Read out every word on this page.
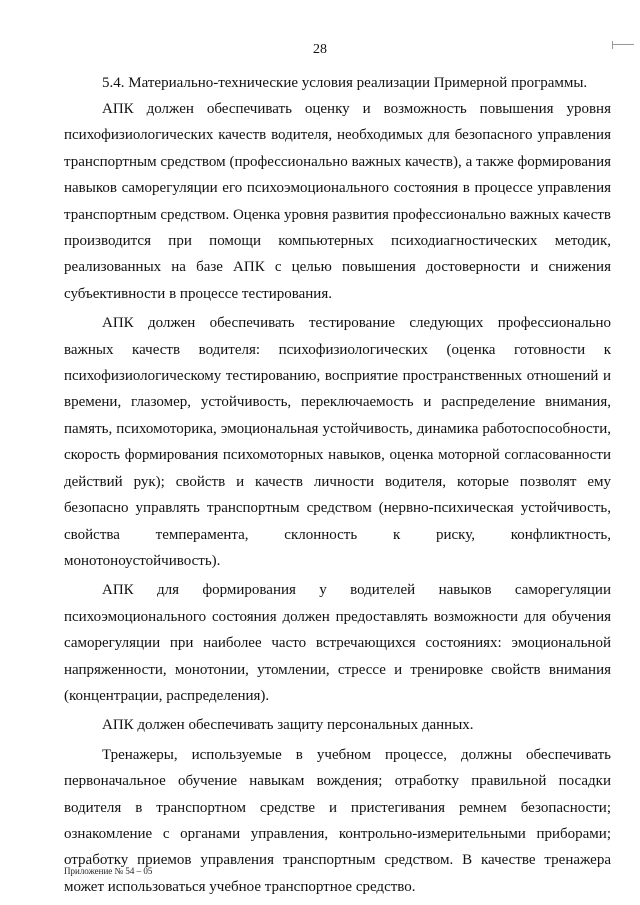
28

5.4. Материально-технические условия реализации Примерной программы.

АПК должен обеспечивать оценку и возможность повышения уровня психофизиологических качеств водителя, необходимых для безопасного управления транспортным средством (профессионально важных качеств), а также формирования навыков саморегуляции его психоэмоционального состояния в процессе управления транспортным средством. Оценка уровня развития профессионально важных качеств производится при помощи компьютерных психодиагностических методик, реализованных на базе АПК с целью повышения достоверности и снижения субъективности в процессе тестирования.

АПК должен обеспечивать тестирование следующих профессионально важных качеств водителя: психофизиологических (оценка готовности к психофизиологическому тестированию, восприятие пространственных отношений и времени, глазомер, устойчивость, переключаемость и распределение внимания, память, психомоторика, эмоциональная устойчивость, динамика работоспособности, скорость формирования психомоторных навыков, оценка моторной согласованности действий рук); свойств и качеств личности водителя, которые позволят ему безопасно управлять транспортным средством (нервно-психическая устойчивость, свойства темперамента, склонность к риску, конфликтность, монотоноустойчивость).

АПК для формирования у водителей навыков саморегуляции психоэмоционального состояния должен предоставлять возможности для обучения саморегуляции при наиболее часто встречающихся состояниях: эмоциональной напряженности, монотонии, утомлении, стрессе и тренировке свойств внимания (концентрации, распределения).

АПК должен обеспечивать защиту персональных данных.

Тренажеры, используемые в учебном процессе, должны обеспечивать первоначальное обучение навыкам вождения; отработку правильной посадки водителя в транспортном средстве и пристегивания ремнем безопасности; ознакомление с органами управления, контрольно-измерительными приборами; отработку приемов управления транспортным средством. В качестве тренажера может использоваться учебное транспортное средство.

Приложение № 54 – 05
